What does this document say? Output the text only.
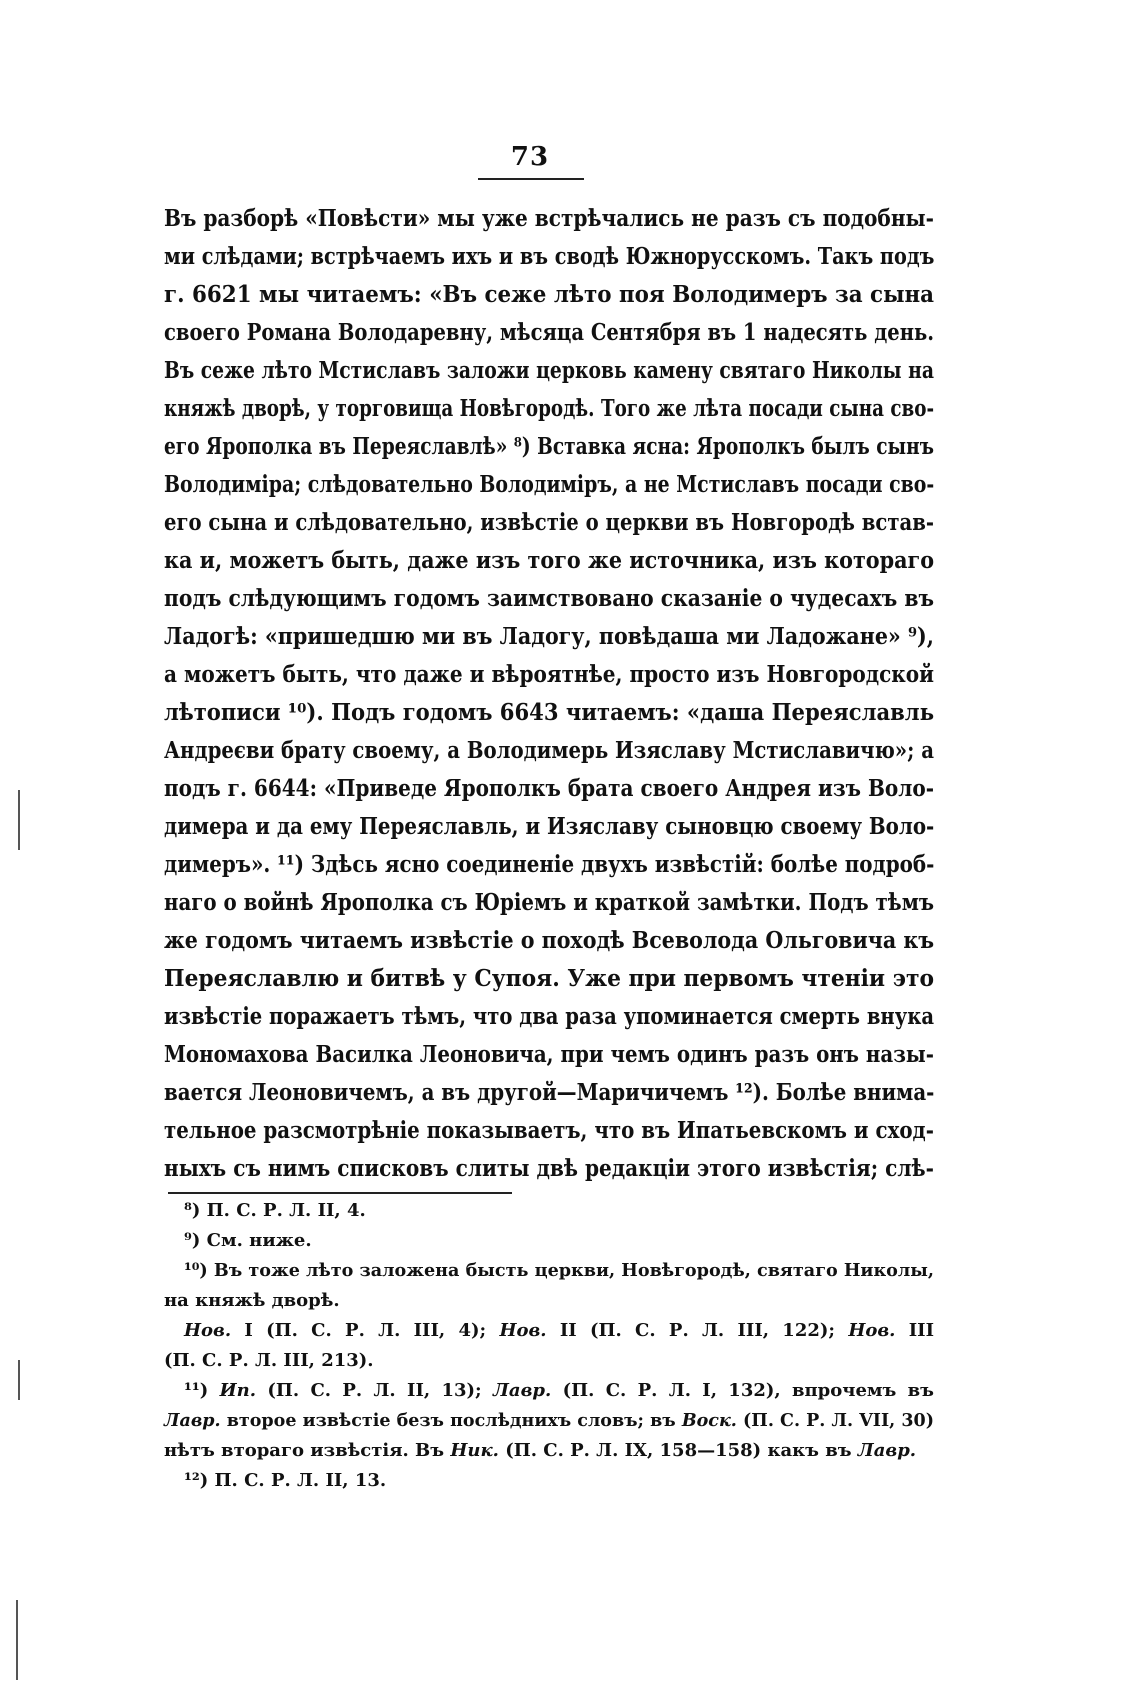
73
Въ разборѣ «Повѣсти» мы уже встрѣчались не разъ съ подобны-
ми слѣдами; встрѣчаемъ ихъ и въ сводѣ Южнорусскомъ. Такъ подъ
г. 6621 мы читаемъ: «Въ сеже лѣто поя Володимеръ за сына
своего Романа Володаревну, мѣсяца Сентября въ 1 надесять день.
Въ сеже лѣто Мстиславъ заложи церковь камену святаго Николы на
княжѣ дворѣ, у торговища Новѣгородѣ. Того же лѣта посади сына сво-
его Ярополка въ Переяславлѣ» ⁸) Вставка ясна: Ярополкъ былъ сынъ
Володиміра; слѣдовательно Володиміръ, а не Мстиславъ посади сво-
его сына и слѣдовательно, извѣстіе о церкви въ Новгородѣ встав-
ка и, можетъ быть, даже изъ того же источника, изъ котораго
подъ слѣдующимъ годомъ заимствовано сказаніе о чудесахъ въ
Ладогѣ: «пришедшю ми въ Ладогу, повѣдаша ми Ладожане» ⁹),
а можетъ быть, что даже и вѣроятнѣе, просто изъ Новгородской
лѣтописи ¹⁰). Подъ годомъ 6643 читаемъ: «даша Переяславль
Андреєви брату своему, а Володимерь Изяславу Мстиславичю»; а
подъ г. 6644: «Приведе Ярополкъ брата своего Андрея изъ Воло-
димера и да ему Переяславль, и Изяславу сыновцю своему Воло-
димеръ». ¹¹) Здѣсь ясно соединеніе двухъ извѣстій: болѣе подроб-
наго о войнѣ Ярополка съ Юріемъ и краткой замѣтки. Подъ тѣмъ
же годомъ читаемъ извѣстіе о походѣ Всеволода Ольговича къ
Переяславлю и битвѣ у Супоя. Уже при первомъ чтеніи это
извѣстіе поражаетъ тѣмъ, что два раза упоминается смерть внука
Мономахова Василка Леоновича, при чемъ одинъ разъ онъ назы-
вается Леоновичемъ, а въ другой—Маричичемъ ¹²). Болѣе внима-
тельное разсмотрѣніе показываетъ, что въ Ипатьевскомъ и сход-
ныхъ съ нимъ списковъ слиты двѣ редакціи этого извѣстія; слѣ-
⁸) П. С. Р. Л. II, 4.
⁹) См. ниже.
¹⁰) Въ тоже лѣто заложена бысть церкви, Новѣгородѣ, святаго Николы,
на княжѣ дворѣ.
Нов. I (П. С. Р. Л. III, 4); Нов. II (П. С. Р. Л. III, 122); Нов. III
(П. С. Р. Л. III, 213).
¹¹) Ип. (П. С. Р. Л. II, 13); Лавр. (П. С. Р. Л. I, 132), впрочемъ въ
Лавр. второе извѣстіе безъ послѣднихъ словъ; въ Воск. (П. С. Р. Л. VII, 30)
нѣтъ втораго извѣстія. Въ Ник. (П. С. Р. Л. IX, 158—158) какъ въ Лавр.
¹²) П. С. Р. Л. II, 13.
